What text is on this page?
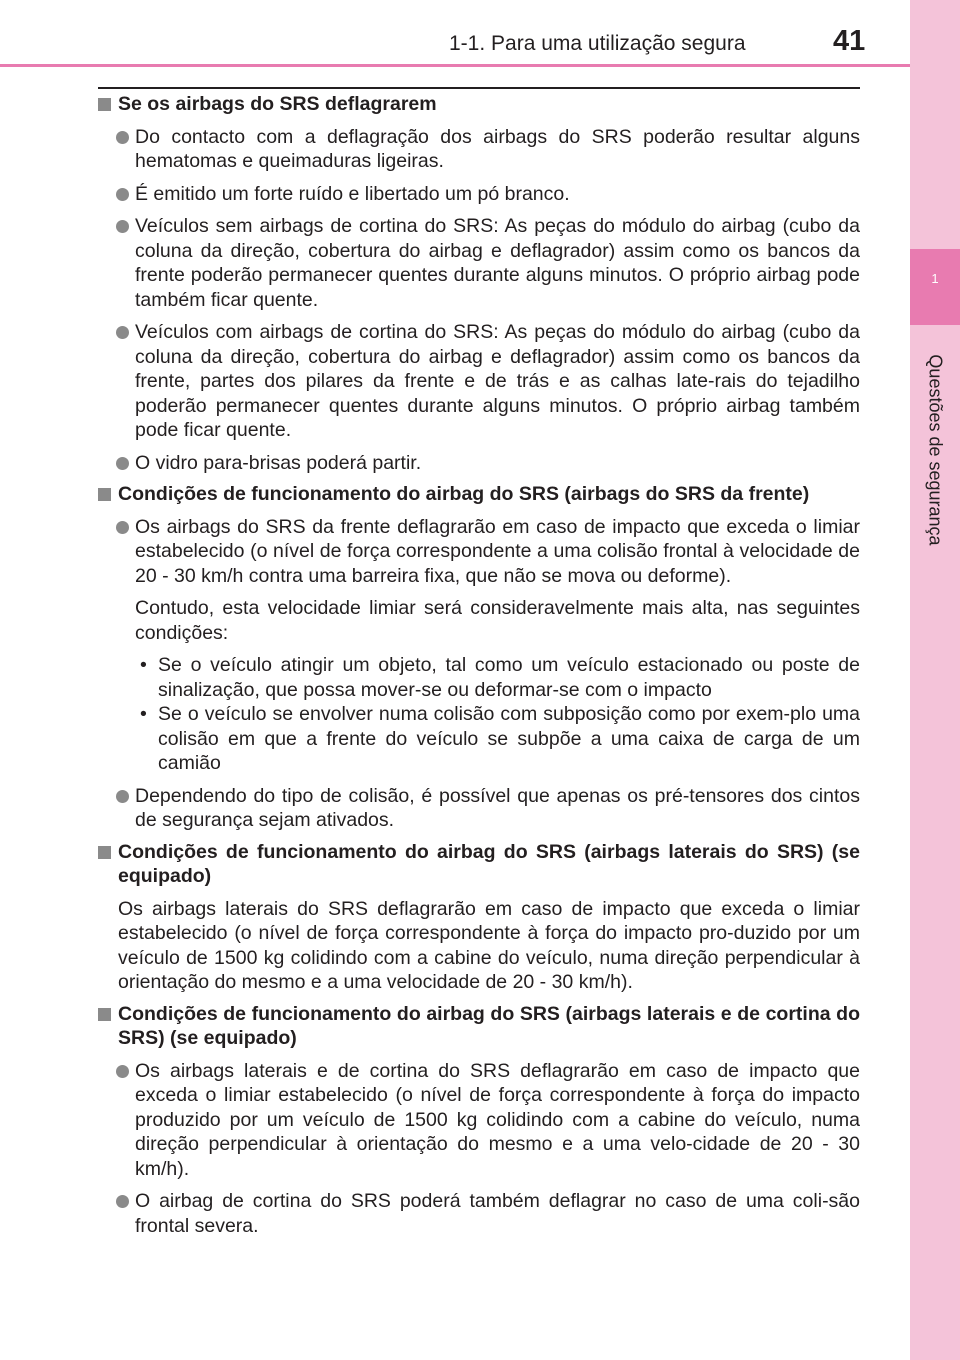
1
Questões de segurança
1-1. Para uma utilização segura	41
Se os airbags do SRS deflagrarem
Do contacto com a deflagração dos airbags do SRS poderão resultar alguns hematomas e queimaduras ligeiras.
É emitido um forte ruído e libertado um pó branco.
Veículos sem airbags de cortina do SRS: As peças do módulo do airbag (cubo da coluna da direção, cobertura do airbag e deflagrador) assim como os bancos da frente poderão permanecer quentes durante alguns minutos. O próprio airbag pode também ficar quente.
Veículos com airbags de cortina do SRS: As peças do módulo do airbag (cubo da coluna da direção, cobertura do airbag e deflagrador) assim como os bancos da frente, partes dos pilares da frente e de trás e as calhas late-rais do tejadilho poderão permanecer quentes durante alguns minutos. O próprio airbag também pode ficar quente.
O vidro para-brisas poderá partir.
Condições de funcionamento do airbag do SRS (airbags do SRS da frente)
Os airbags do SRS da frente deflagrarão em caso de impacto que exceda o limiar estabelecido (o nível de força correspondente a uma colisão frontal à velocidade de 20 - 30 km/h contra uma barreira fixa, que não se mova ou deforme).
Contudo, esta velocidade limiar será consideravelmente mais alta, nas seguintes condições:
• Se o veículo atingir um objeto, tal como um veículo estacionado ou poste de sinalização, que possa mover-se ou deformar-se com o impacto
• Se o veículo se envolver numa colisão com subposição como por exem-plo uma colisão em que a frente do veículo se subpõe a uma caixa de carga de um camião
Dependendo do tipo de colisão, é possível que apenas os pré-tensores dos cintos de segurança sejam ativados.
Condições de funcionamento do airbag do SRS (airbags laterais do SRS) (se equipado)
Os airbags laterais do SRS deflagrarão em caso de impacto que exceda o limiar estabelecido (o nível de força correspondente à força do impacto pro-duzido por um veículo de 1500 kg colidindo com a cabine do veículo, numa direção perpendicular à orientação do mesmo e a uma velocidade de 20 - 30 km/h).
Condições de funcionamento do airbag do SRS (airbags laterais e de cortina do SRS) (se equipado)
Os airbags laterais e de cortina do SRS deflagrarão em caso de impacto que exceda o limiar estabelecido (o nível de força correspondente à força do impacto produzido por um veículo de 1500 kg colidindo com a cabine do veículo, numa direção perpendicular à orientação do mesmo e a uma velo-cidade de 20 - 30 km/h).
O airbag de cortina do SRS poderá também deflagrar no caso de uma coli-são frontal severa.
